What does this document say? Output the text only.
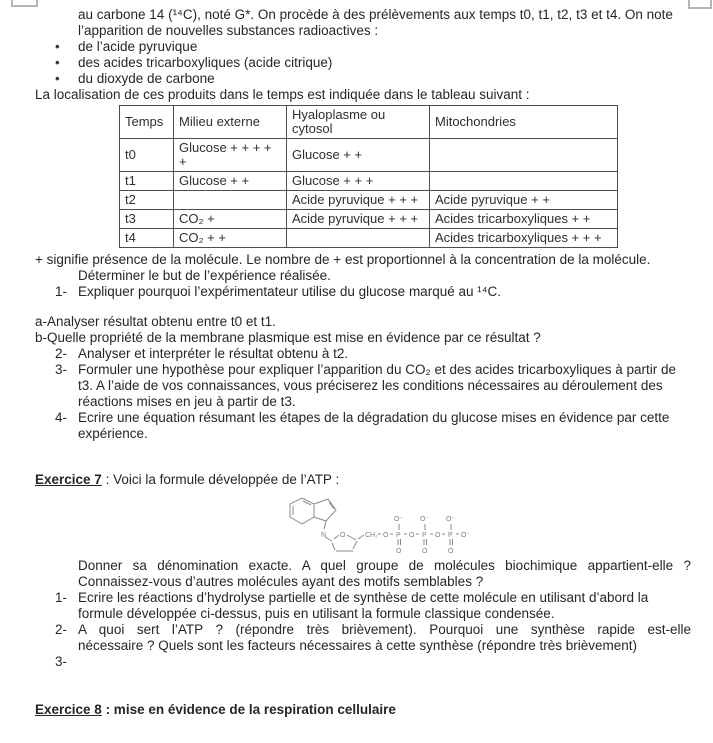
au carbone 14 (¹⁴C), noté G*. On procède à des prélèvements aux temps t0, t1, t2, t3 et t4. On note
l’apparition de nouvelles substances radioactives :
•	de l’acide pyruvique
•	des acides tricarboxyliques (acide citrique)
•	du dioxyde de carbone
La localisation de ces produits dans le temps est indiquée dans le tableau suivant :
Temps	Milieu externe	Hyaloplasme ou cytosol	Mitochondries
t0	Glucose + + + + +	Glucose + +	
t1	Glucose + +	Glucose + + +	
t2		Acide pyruvique + + +	Acide pyruvique + +
t3	CO₂ +	Acide pyruvique + + +	Acides tricarboxyliques + +
t4	CO₂ + +		Acides tricarboxyliques + + +
+ signifie présence de la molécule. Le nombre de + est proportionnel à la concentration de la molécule.
Déterminer le but de l’expérience réalisée.
1- Expliquer pourquoi l’expérimentateur utilise du glucose marqué au ¹⁴C.
a-Analyser résultat obtenu entre t0 et t1.
b-Quelle propriété de la membrane plasmique est mise en évidence par ce résultat ?
2- Analyser et interpréter le résultat obtenu à t2.
3- Formuler une hypothèse pour expliquer l’apparition du CO₂ et des acides tricarboxyliques à partir de t3. A l’aide de vos connaissances, vous préciserez les conditions nécessaires au déroulement des réactions mises en jeu à partir de t3.
4- Ecrire une équation résumant les étapes de la dégradation du glucose mises en évidence par cette expérience.
Exercice 7 : Voici la formule développée de l’ATP :
N O	CH₂ O P O P O P O⁻
O⁻ O⁻ O⁻
O	O	O
Donner sa dénomination exacte. A quel groupe de molécules biochimique appartient-elle ?
Connaissez-vous d’autres molécules ayant des motifs semblables ?
1- Ecrire les réactions d’hydrolyse partielle et de synthèse de cette molécule en utilisant d’abord la formule développée ci-dessus, puis en utilisant la formule classique condensée.
2- A quoi sert l’ATP ? (répondre très brièvement). Pourquoi une synthèse rapide est-elle
nécessaire ? Quels sont les facteurs nécessaires à cette synthèse (répondre très brièvement)
3-
Exercice 8 : mise en évidence de la respiration cellulaire
